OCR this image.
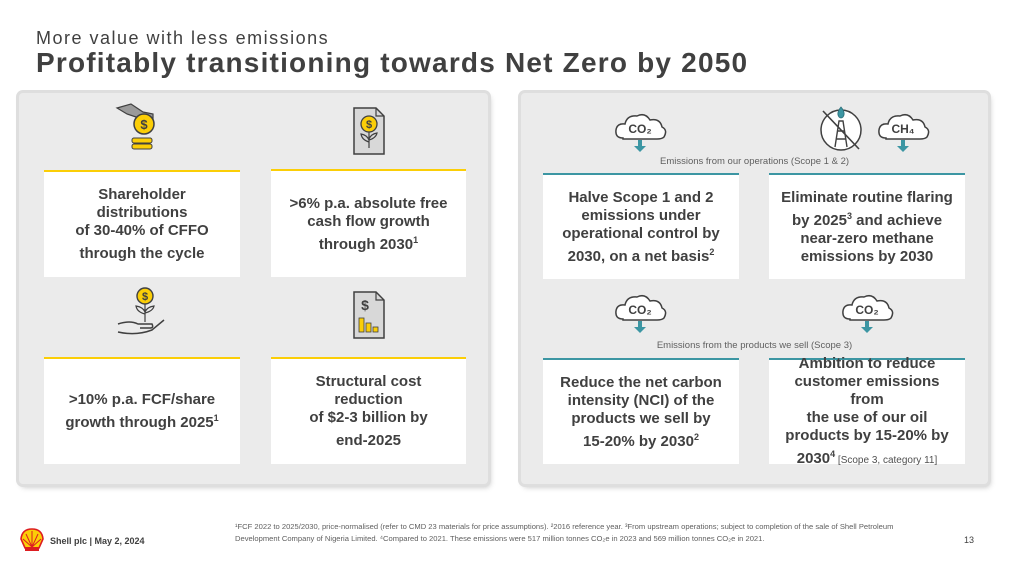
More value with less emissions
Profitably transitioning towards Net Zero by 2050
$	$
$	$
Shareholder distributions
of 30-40% of CFFO
through the cycle
>6% p.a. absolute free
cash flow growth
through $2030^1$
>10% p.a. FCF/share
growth through 2025$^1$
Structural cost reduction
of $2-3 billion by
end-2025
CO₂	CH₄
Emissions from our operations (Scope 1 & 2)
Halve Scope 1 and 2
emissions under
operational control by
2030, on a net basis$^2$
Eliminate routine flaring
by 2025$^3$ and achieve
near-zero methane
emissions by 2030
CO₂	CO₂
Emissions from the products we sell (Scope 3)
Reduce the net carbon
intensity (NCI) of the
products we sell by
15-20% by 2030$^2$
Ambition to reduce
customer emissions from
the use of our oil
products by 15-20% by
2030$^4$ [Scope 3, category 11]
Shell plc | May 2, 2024
¹FCF 2022 to 2025/2030, price-normalised (refer to CMD 23 materials for price assumptions). ²2016 reference year. ³From upstream operations; subject to completion of the sale of Shell Petroleum Development Company of Nigeria Limited. ⁴Compared to 2021. These emissions were 517 million tonnes CO₂e in 2023 and 569 million tonnes CO₂e in 2021.	13
